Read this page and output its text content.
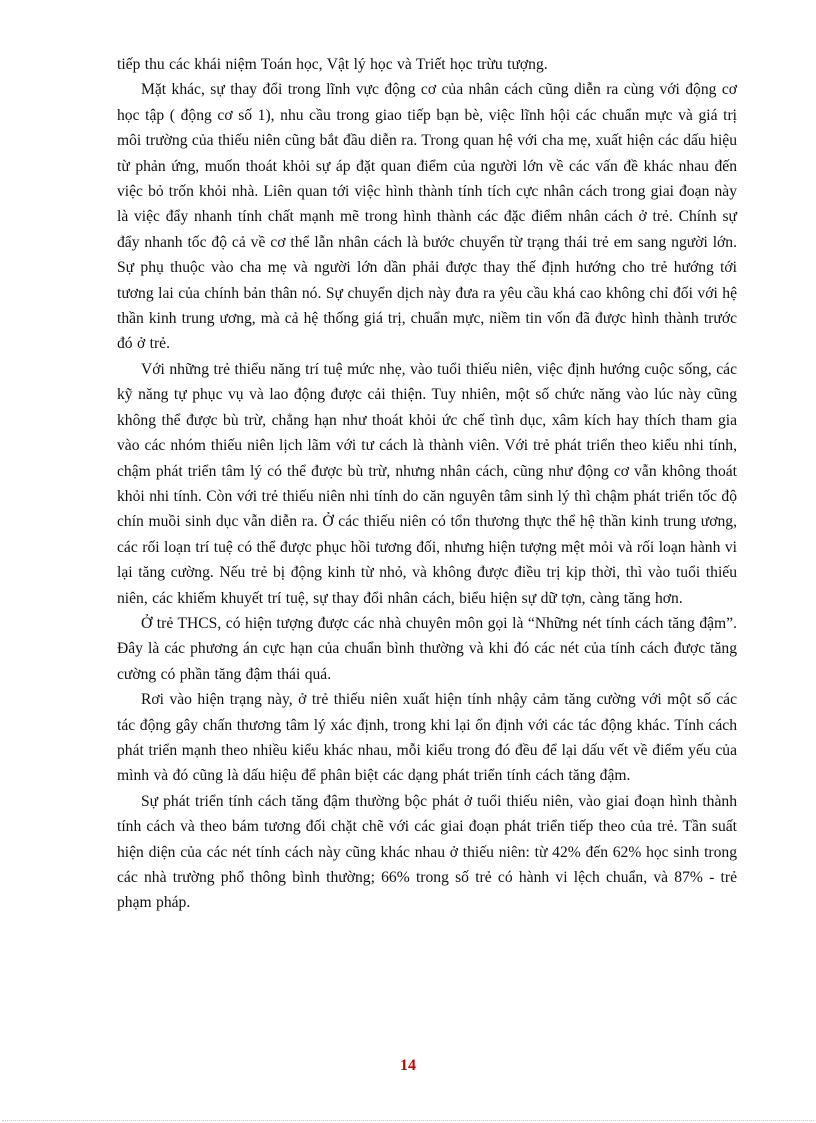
tiếp thu các khái niệm Toán học, Vật lý học và Triết học trừu tượng.

Mặt khác, sự thay đổi trong lĩnh vực động cơ của nhân cách cũng diễn ra cùng với động cơ học tập ( động cơ số 1), nhu cầu trong giao tiếp bạn bè, việc lĩnh hội các chuẩn mực và giá trị môi trường của thiếu niên cũng bắt đầu diễn ra. Trong quan hệ với cha mẹ, xuất hiện các dấu hiệu từ phản ứng, muốn thoát khỏi sự áp đặt quan điểm của người lớn về các vấn đề khác nhau đến việc bỏ trốn khỏi nhà. Liên quan tới việc hình thành tính tích cực nhân cách trong giai đoạn này là việc đẩy nhanh tính chất mạnh mẽ trong hình thành các đặc điểm nhân cách ở trẻ. Chính sự đẩy nhanh tốc độ cả về cơ thể lẫn nhân cách là bước chuyển từ trạng thái trẻ em sang người lớn. Sự phụ thuộc vào cha mẹ và người lớn dần phải được thay thế định hướng cho trẻ hướng tới tương lai của chính bản thân nó. Sự chuyển dịch này đưa ra yêu cầu khá cao không chỉ đối với hệ thần kinh trung ương, mà cả hệ thống giá trị, chuẩn mực, niềm tin vốn đã được hình thành trước đó ở trẻ.

Với những trẻ thiểu năng trí tuệ mức nhẹ, vào tuổi thiếu niên, việc định hướng cuộc sống, các kỹ năng tự phục vụ và lao động được cải thiện. Tuy nhiên, một số chức năng vào lúc này cũng không thể được bù trừ, chẳng hạn như thoát khỏi ức chế tình dục, xâm kích hay thích tham gia vào các nhóm thiếu niên lịch lãm với tư cách là thành viên. Với trẻ phát triển theo kiểu nhi tính, chậm phát triển tâm lý có thể được bù trừ, nhưng nhân cách, cũng như động cơ vẫn không thoát khỏi nhi tính. Còn với trẻ thiếu niên nhi tính do căn nguyên tâm sinh lý thì chậm phát triển tốc độ chín muồi sinh dục vẫn diễn ra. Ở các thiếu niên có tổn thương thực thể hệ thần kinh trung ương, các rối loạn trí tuệ có thể được phục hồi tương đối, nhưng hiện tượng mệt mỏi và rối loạn hành vi lại tăng cường. Nếu trẻ bị động kinh từ nhỏ, và không được điều trị kịp thời, thì vào tuổi thiếu niên, các khiếm khuyết trí tuệ, sự thay đổi nhân cách, biểu hiện sự dữ tợn, càng tăng hơn.

Ở trẻ THCS, có hiện tượng được các nhà chuyên môn gọi là “Những nét tính cách tăng đậm”. Đây là các phương án cực hạn của chuẩn bình thường và khi đó các nét của tính cách được tăng cường có phần tăng đậm thái quá.

Rơi vào hiện trạng này, ở trẻ thiếu niên xuất hiện tính nhậy cảm tăng cường với một số các tác động gây chấn thương tâm lý xác định, trong khi lại ổn định với các tác động khác. Tính cách phát triển mạnh theo nhiều kiểu khác nhau, mỗi kiểu trong đó đều để lại dấu vết về điểm yếu của mình và đó cũng là dấu hiệu để phân biệt các dạng phát triển tính cách tăng đậm.

Sự phát triển tính cách tăng đậm thường bộc phát ở tuổi thiếu niên, vào giai đoạn hình thành tính cách và theo bám tương đối chặt chẽ với các giai đoạn phát triển tiếp theo của trẻ. Tần suất hiện diện của các nét tính cách này cũng khác nhau ở thiếu niên: từ 42% đến 62% học sinh trong các nhà trường phổ thông bình thường; 66% trong số trẻ có hành vi lệch chuẩn, và 87% - trẻ phạm pháp.

14
